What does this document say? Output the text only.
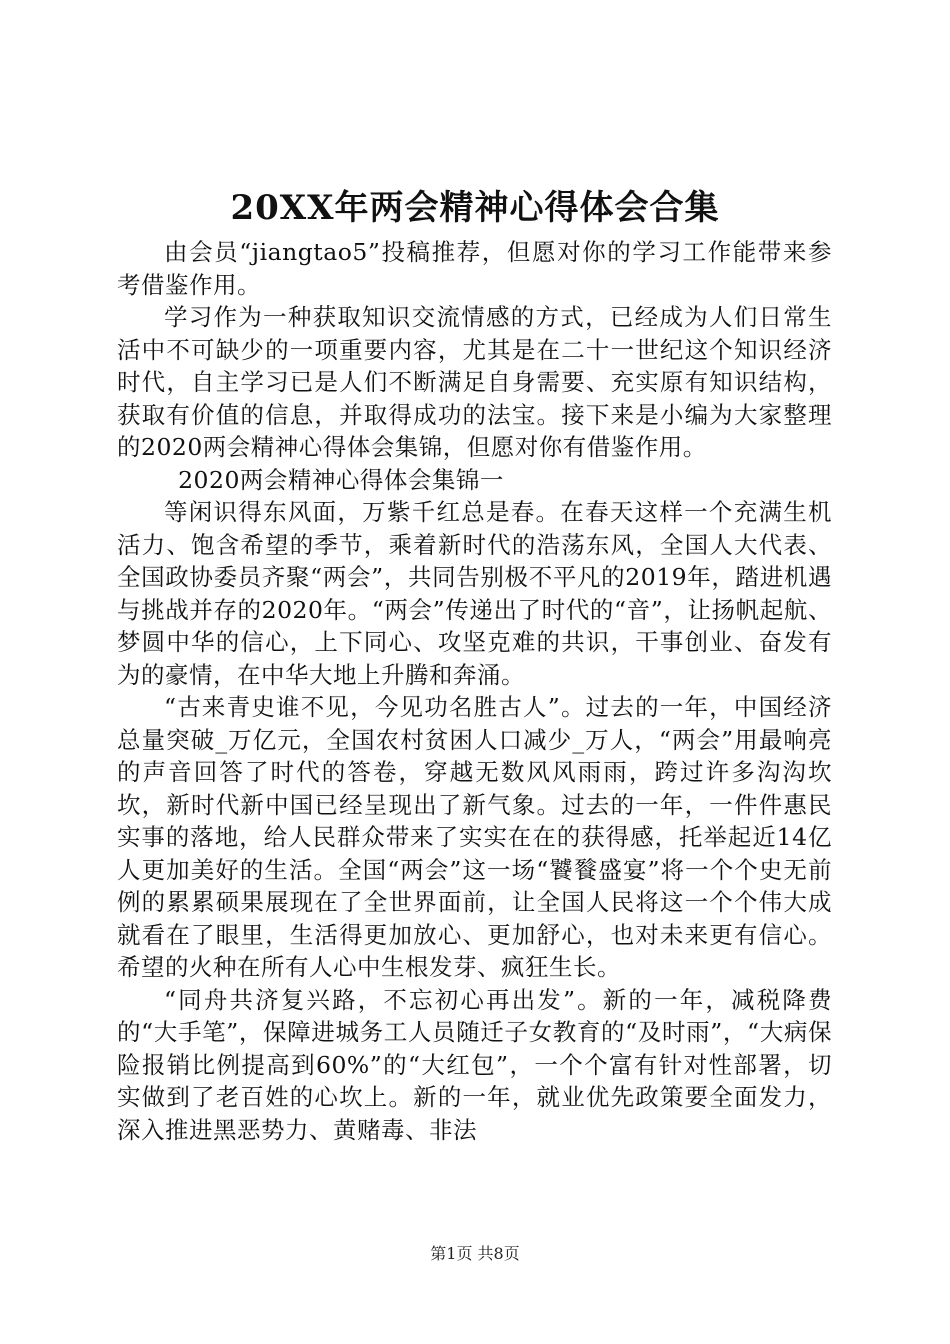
20XX年两会精神心得体会合集

由会员“jiangtao5”投稿推荐，但愿对你的学习工作能带来参考借鉴作用。

学习作为一种获取知识交流情感的方式，已经成为人们日常生活中不可缺少的一项重要内容，尤其是在二十一世纪这个知识经济时代，自主学习已是人们不断满足自身需要、充实原有知识结构，获取有价值的信息，并取得成功的法宝。接下来是小编为大家整理的2020两会精神心得体会集锦，但愿对你有借鉴作用。

2020两会精神心得体会集锦一

等闲识得东风面，万紫千红总是春。在春天这样一个充满生机活力、饱含希望的季节，乘着新时代的浩荡东风，全国人大代表、全国政协委员齐聚“两会”，共同告别极不平凡的2019年，踏进机遇与挑战并存的2020年。“两会”传递出了时代的“音”，让扬帆起航、梦圆中华的信心，上下同心、攻坚克难的共识，干事创业、奋发有为的豪情，在中华大地上升腾和奔涌。

“古来青史谁不见，今见功名胜古人”。过去的一年，中国经济总量突破_万亿元，全国农村贫困人口减少_万人，“两会”用最响亮的声音回答了时代的答卷，穿越无数风风雨雨，跨过许多沟沟坎坎，新时代新中国已经呈现出了新气象。过去的一年，一件件惠民实事的落地，给人民群众带来了实实在在的获得感，托举起近14亿人更加美好的生活。全国“两会”这一场“饕餮盛宴”将一个个史无前例的累累硕果展现在了全世界面前，让全国人民将这一个个伟大成就看在了眼里，生活得更加放心、更加舒心，也对未来更有信心。希望的火种在所有人心中生根发芽、疯狂生长。

“同舟共济复兴路，不忘初心再出发”。新的一年，减税降费的“大手笔”，保障进城务工人员随迁子女教育的“及时雨”，“大病保险报销比例提高到60%”的“大红包”，一个个富有针对性部署，切实做到了老百姓的心坎上。新的一年，就业优先政策要全面发力，深入推进黑恶势力、黄赌毒、非法

第1页 共8页
